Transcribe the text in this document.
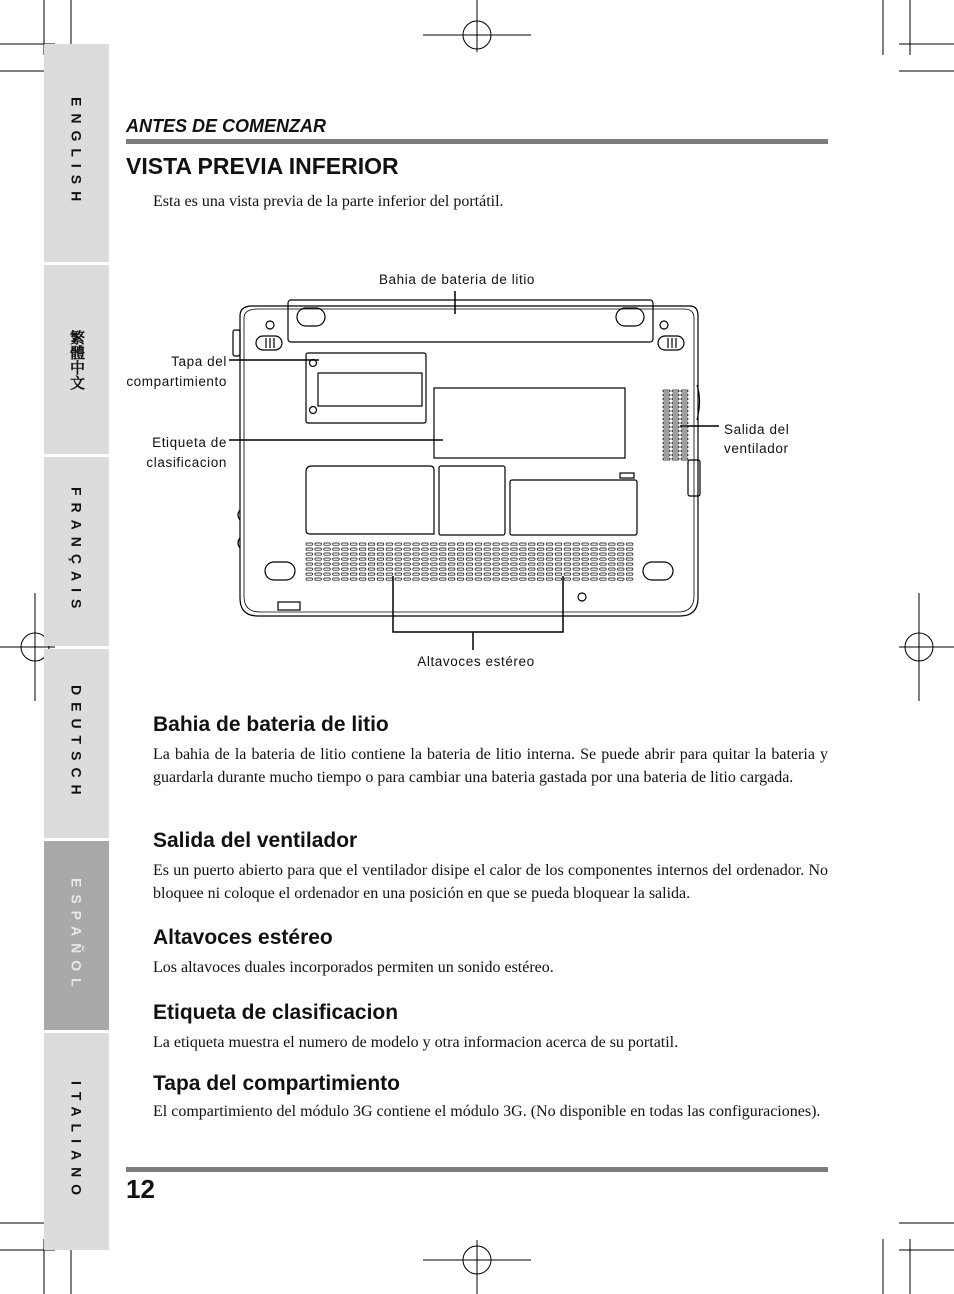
ENGLISH
繁體中文
FRANÇAIS
DEUTSCH
ESPAÑOL
ITALIANO
ANTES DE COMENZAR
VISTA PREVIA INFERIOR
Esta es una vista previa de la parte inferior del portátil.
Bahia de bateria de litio
Tapa del
compartimiento
Etiqueta de
clasificacion
Salida del
ventilador
Altavoces estéreo
Bahia de bateria de litio

La bahia de la bateria de litio contiene la bateria de litio interna. Se puede abrir para quitar la bateria y guardarla durante mucho tiempo o para cambiar una bateria gastada por una bateria de litio cargada.

Salida del ventilador

Es un puerto abierto para que el ventilador disipe el calor de los componentes internos del ordenador. No bloquee ni coloque el ordenador en una posición en que se pueda bloquear la salida.

Altavoces estéreo

Los altavoces duales incorporados permiten un sonido estéreo.

Etiqueta de clasificacion

La etiqueta muestra el numero de modelo y otra informacion acerca de su portatil.

Tapa del compartimiento

El compartimiento del módulo 3G contiene el módulo 3G. (No disponible en todas las configuraciones).

12
